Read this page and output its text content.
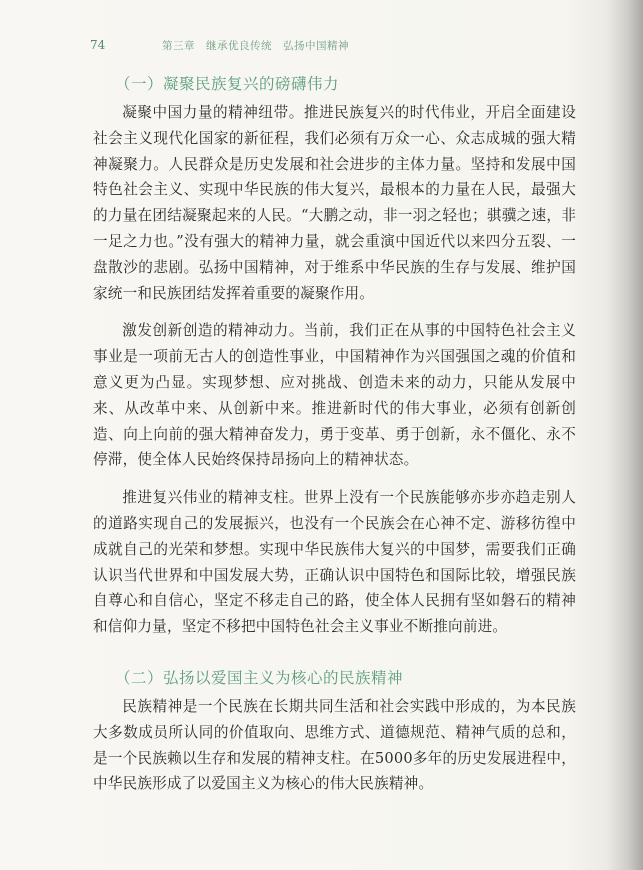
74	第三章　继承优良传统　弘扬中国精神
（一）凝聚民族复兴的磅礴伟力

凝聚中国力量的精神纽带。推进民族复兴的时代伟业，开启全面建设社会主义现代化国家的新征程，我们必须有万众一心、众志成城的强大精神凝聚力。人民群众是历史发展和社会进步的主体力量。坚持和发展中国特色社会主义、实现中华民族的伟大复兴，最根本的力量在人民，最强大的力量在团结凝聚起来的人民。“大鹏之动，非一羽之轻也；骐骥之速，非一足之力也。”没有强大的精神力量，就会重演中国近代以来四分五裂、一盘散沙的悲剧。弘扬中国精神，对于维系中华民族的生存与发展、维护国家统一和民族团结发挥着重要的凝聚作用。

激发创新创造的精神动力。当前，我们正在从事的中国特色社会主义事业是一项前无古人的创造性事业，中国精神作为兴国强国之魂的价值和意义更为凸显。实现梦想、应对挑战、创造未来的动力，只能从发展中来、从改革中来、从创新中来。推进新时代的伟大事业，必须有创新创造、向上向前的强大精神奋发力，勇于变革、勇于创新，永不僵化、永不停滞，使全体人民始终保持昂扬向上的精神状态。

推进复兴伟业的精神支柱。世界上没有一个民族能够亦步亦趋走别人的道路实现自己的发展振兴，也没有一个民族会在心神不定、游移彷徨中成就自己的光荣和梦想。实现中华民族伟大复兴的中国梦，需要我们正确认识当代世界和中国发展大势，正确认识中国特色和国际比较，增强民族自尊心和自信心，坚定不移走自己的路，使全体人民拥有坚如磐石的精神和信仰力量，坚定不移把中国特色社会主义事业不断推向前进。

（二）弘扬以爱国主义为核心的民族精神

民族精神是一个民族在长期共同生活和社会实践中形成的，为本民族大多数成员所认同的价值取向、思维方式、道德规范、精神气质的总和，是一个民族赖以生存和发展的精神支柱。在5000多年的历史发展进程中，中华民族形成了以爱国主义为核心的伟大民族精神。
